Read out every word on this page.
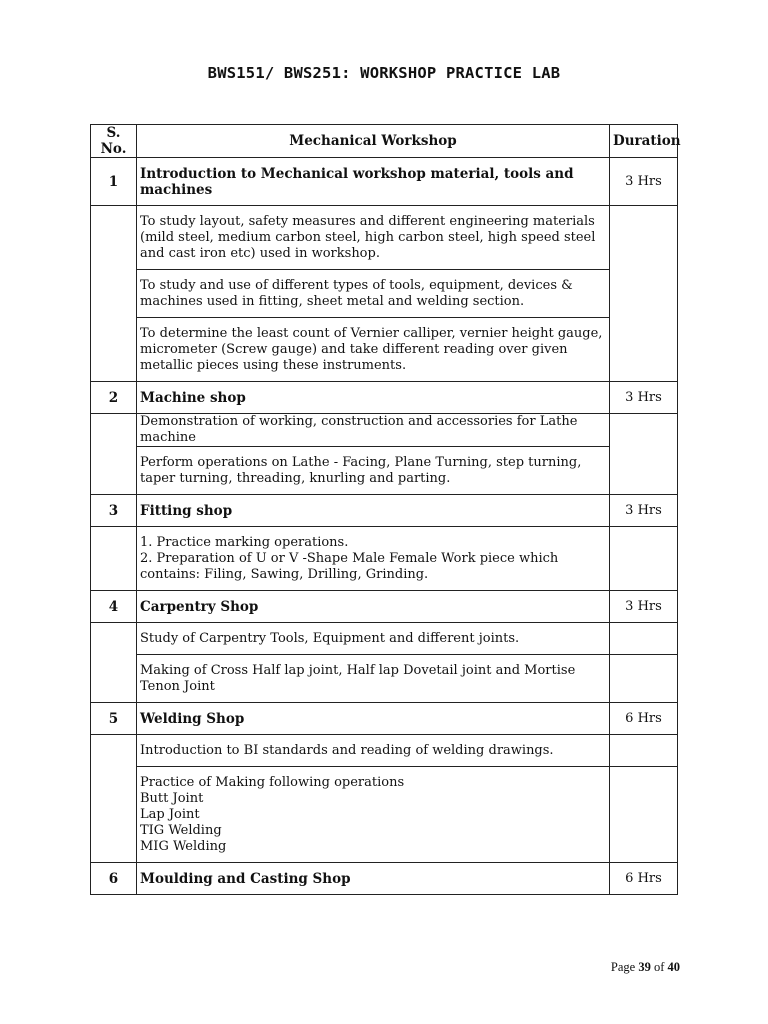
BWS151/ BWS251: WORKSHOP PRACTICE LAB
S. No.	Mechanical Workshop	Duration
1	Introduction to Mechanical workshop material, tools and machines	3 Hrs
	To study layout, safety measures and different engineering materials (mild steel, medium carbon steel, high carbon steel, high speed steel and cast iron etc) used in workshop.	
	To study and use of different types of tools, equipment, devices & machines used in fitting, sheet metal and welding section.	
	To determine the least count of Vernier calliper, vernier height gauge, micrometer (Screw gauge) and take different reading over given metallic pieces using these instruments.	
2	Machine shop	3 Hrs
	Demonstration of working, construction and accessories for Lathe machine	
	Perform operations on Lathe - Facing, Plane Turning, step turning, taper turning, threading, knurling and parting.	
3	Fitting shop	3 Hrs
	1. Practice marking operations.
2. Preparation of U or V -Shape Male Female Work piece which contains: Filing, Sawing, Drilling, Grinding.	
4	Carpentry Shop	3 Hrs
	Study of Carpentry Tools, Equipment and different joints.	
	Making of Cross Half lap joint, Half lap Dovetail joint and Mortise Tenon Joint	
5	Welding Shop	6 Hrs
	Introduction to BI standards and reading of welding drawings.	
	Practice of Making following operations
Butt Joint
Lap Joint
TIG Welding
MIG Welding	
6	Moulding and Casting Shop	6 Hrs
Page 39 of 40
